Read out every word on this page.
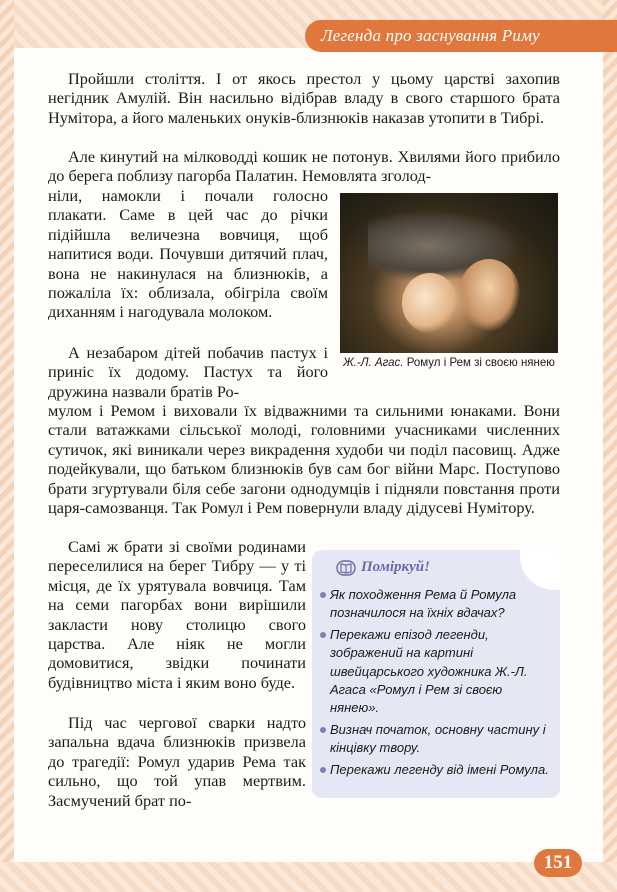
Легенда про заснування Риму

Пройшли століття. І от якось престол у цьому царстві захопив негідник Амулій. Він насильно відібрав владу в свого старшого брата Нумітора, а його маленьких онуків-близнюків наказав утопити в Тибрі.

Але кинутий на мілководді кошик не потонув. Хвилями його прибило до берега поблизу пагорба Палатин. Немовлята зголод-

ніли, намокли і почали голосно плакати. Саме в цей час до річки підійшла величезна вовчиця, щоб напитися води. Почувши дитячий плач, вона не накинулася на близнюків, а пожаліла їх: облизала, обігріла своїм диханням і нагодувала молоком.

А незабаром дітей побачив пастух і приніс їх додому. Пастух та його дружина назвали братів Ро-

мулом і Ремом і виховали їх відважними та сильними юнаками. Вони стали ватажками сільської молоді, головними учасниками численних сутичок, які виникали через викрадення худоби чи поділ пасовищ. Адже подейкували, що батьком близнюків був сам бог війни Марс. Поступово брати згуртували біля себе загони однодумців і підняли повстання проти царя-самозванця. Так Ромул і Рем повернули владу дідусеві Нумітору.

Самі ж брати зі своїми родинами переселилися на берег Тибру — у ті місця, де їх урятувала вовчиця. Там на семи пагорбах вони вирішили закласти нову столицю свого царства. Але ніяк не могли домовитися, звідки починати будівництво міста і яким воно буде.

Під час чергової сварки надто запальна вдача близнюків призвела до трагедії: Ромул ударив Рема так сильно, що той упав мертвим. Засмучений брат по-

Ж.-Л. Агас. Ромул і Рем зі своєю нянею
Поміркуй!
Як походження Рема й Ромула позначилося на їхніх вдачах?
Перекажи епізод легенди, зображений на картині швейцарського художника Ж.-Л. Агаса «Ромул і Рем зі своєю нянею».
Визнач початок, основну частину і кінцівку твору.
Перекажи легенду від імені Ромула.
151
